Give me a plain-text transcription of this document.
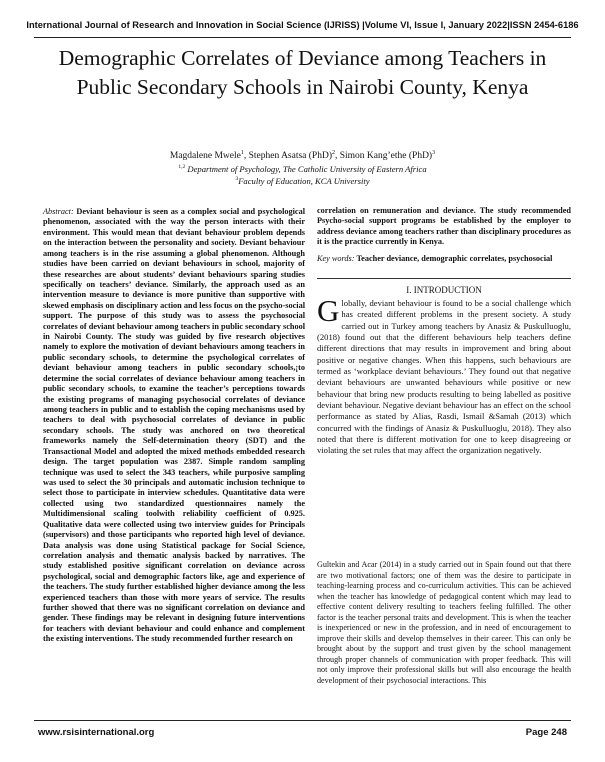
International Journal of Research and Innovation in Social Science (IJRISS) |Volume VI, Issue I, January 2022|ISSN 2454-6186
Demographic Correlates of Deviance among Teachers in Public Secondary Schools in Nairobi County, Kenya
Magdalene Mwele$^1$, Stephen Asatsa (PhD)$^2$, Simon Kang’ethe (PhD)$^3$
$^{1,2}$ Department of Psychology, The Catholic University of Eastern Africa
$^3$Faculty of Education, KCA University
Abstract: Deviant behaviour is seen as a complex social and psychological phenomenon, associated with the way the person interacts with their environment. This would mean that deviant behaviour problem depends on the interaction between the personality and society. Deviant behaviour among teachers is in the rise assuming a global phenomenon. Although studies have been carried on deviant behaviours in school, majority of these researches are about students’ deviant behaviours sparing studies specifically on teachers’ deviance. Similarly, the approach used as an intervention measure to deviance is more punitive than supportive with skewed emphasis on disciplinary action and less focus on the psycho-social support. The purpose of this study was to assess the psychosocial correlates of deviant behaviour among teachers in public secondary school in Nairobi County. The study was guided by five research objectives namely to explore the motivation of deviant behaviours among teachers in public secondary schools, to determine the psychological correlates of deviant behaviour among teachers in public secondary schools,¡to determine the social correlates of deviance behaviour among teachers in public secondary schools, to examine the teacher’s perceptions towards the existing programs of managing psychosocial correlates of deviance among teachers in public and to establish the coping mechanisms used by teachers to deal with psychosocial correlates of deviance in public secondary schools. The study was anchored on two theoretical frameworks namely the Self-determination theory (SDT) and the Transactional Model and adopted the mixed methods embedded research design. The target population was 2387. Simple random sampling technique was used to select the 343 teachers, while purposive sampling was used to select the 30 principals and automatic inclusion technique to select those to participate in interview schedules. Quantitative data were collected using two standardized questionnaires namely the Multidimensional scaling toolwith reliability coefficient of 0.925. Qualitative data were collected using two interview guides for Principals (supervisors) and those participants who reported high level of deviance. Data analysis was done using Statistical package for Social Science, correlation analysis and thematic analysis backed by narratives. The study established positive significant correlation on deviance across psychological, social and demographic factors like, age and experience of the teachers. The study further established higher deviance among the less experienced teachers than those with more years of service. The results further showed that there was no significant correlation on deviance and gender. These findings may be relevant in designing future interventions for teachers with deviant behaviour and could enhance and complement the existing interventions. The study recommended further research on
correlation on remuneration and deviance. The study recommended Psycho-social support programs be established by the employer to address deviance among teachers rather than disciplinary procedures as it is the practice currently in Kenya.
Key words: Teacher deviance, demographic correlates, psychosocial
I. INTRODUCTION
Globally, deviant behaviour is found to be a social challenge which has created different problems in the present society. A study carried out in Turkey among teachers by Anasiz & Puskulluoglu, (2018) found out that the different behaviours help teachers define different directions that may results in improvement and bring about positive or negative changes. When this happens, such behaviours are termed as ‘workplace deviant behaviours.’ They found out that negative deviant behaviours are unwanted behaviours while positive or new behaviour that bring new products resulting to being labelled as positive deviant behaviour. Negative deviant behaviour has an effect on the school performance as stated by Alias, Rasdi, Ismail &Samah (2013) which concurred with the findings of Anasiz & Puskulluoglu, 2018). They also noted that there is different motivation for one to keep disagreeing or violating the set rules that may affect the organization negatively.
Gultekin and Acar (2014) in a study carried out in Spain found out that there are two motivational factors; one of them was the desire to participate in teaching-learning process and co-curriculum activities. This can be achieved when the teacher has knowledge of pedagogical content which may lead to effective content delivery resulting to teachers feeling fulfilled. The other factor is the teacher personal traits and development. This is when the teacher is inexperienced or new in the profession, and in need of encouragement to improve their skills and develop themselves in their career. This can only be brought about by the support and trust given by the school management through proper channels of communication with proper feedback. This will not only improve their professional skills but will also encourage the health development of their psychosocial interactions. This
www.rsisinternational.org	Page 248
